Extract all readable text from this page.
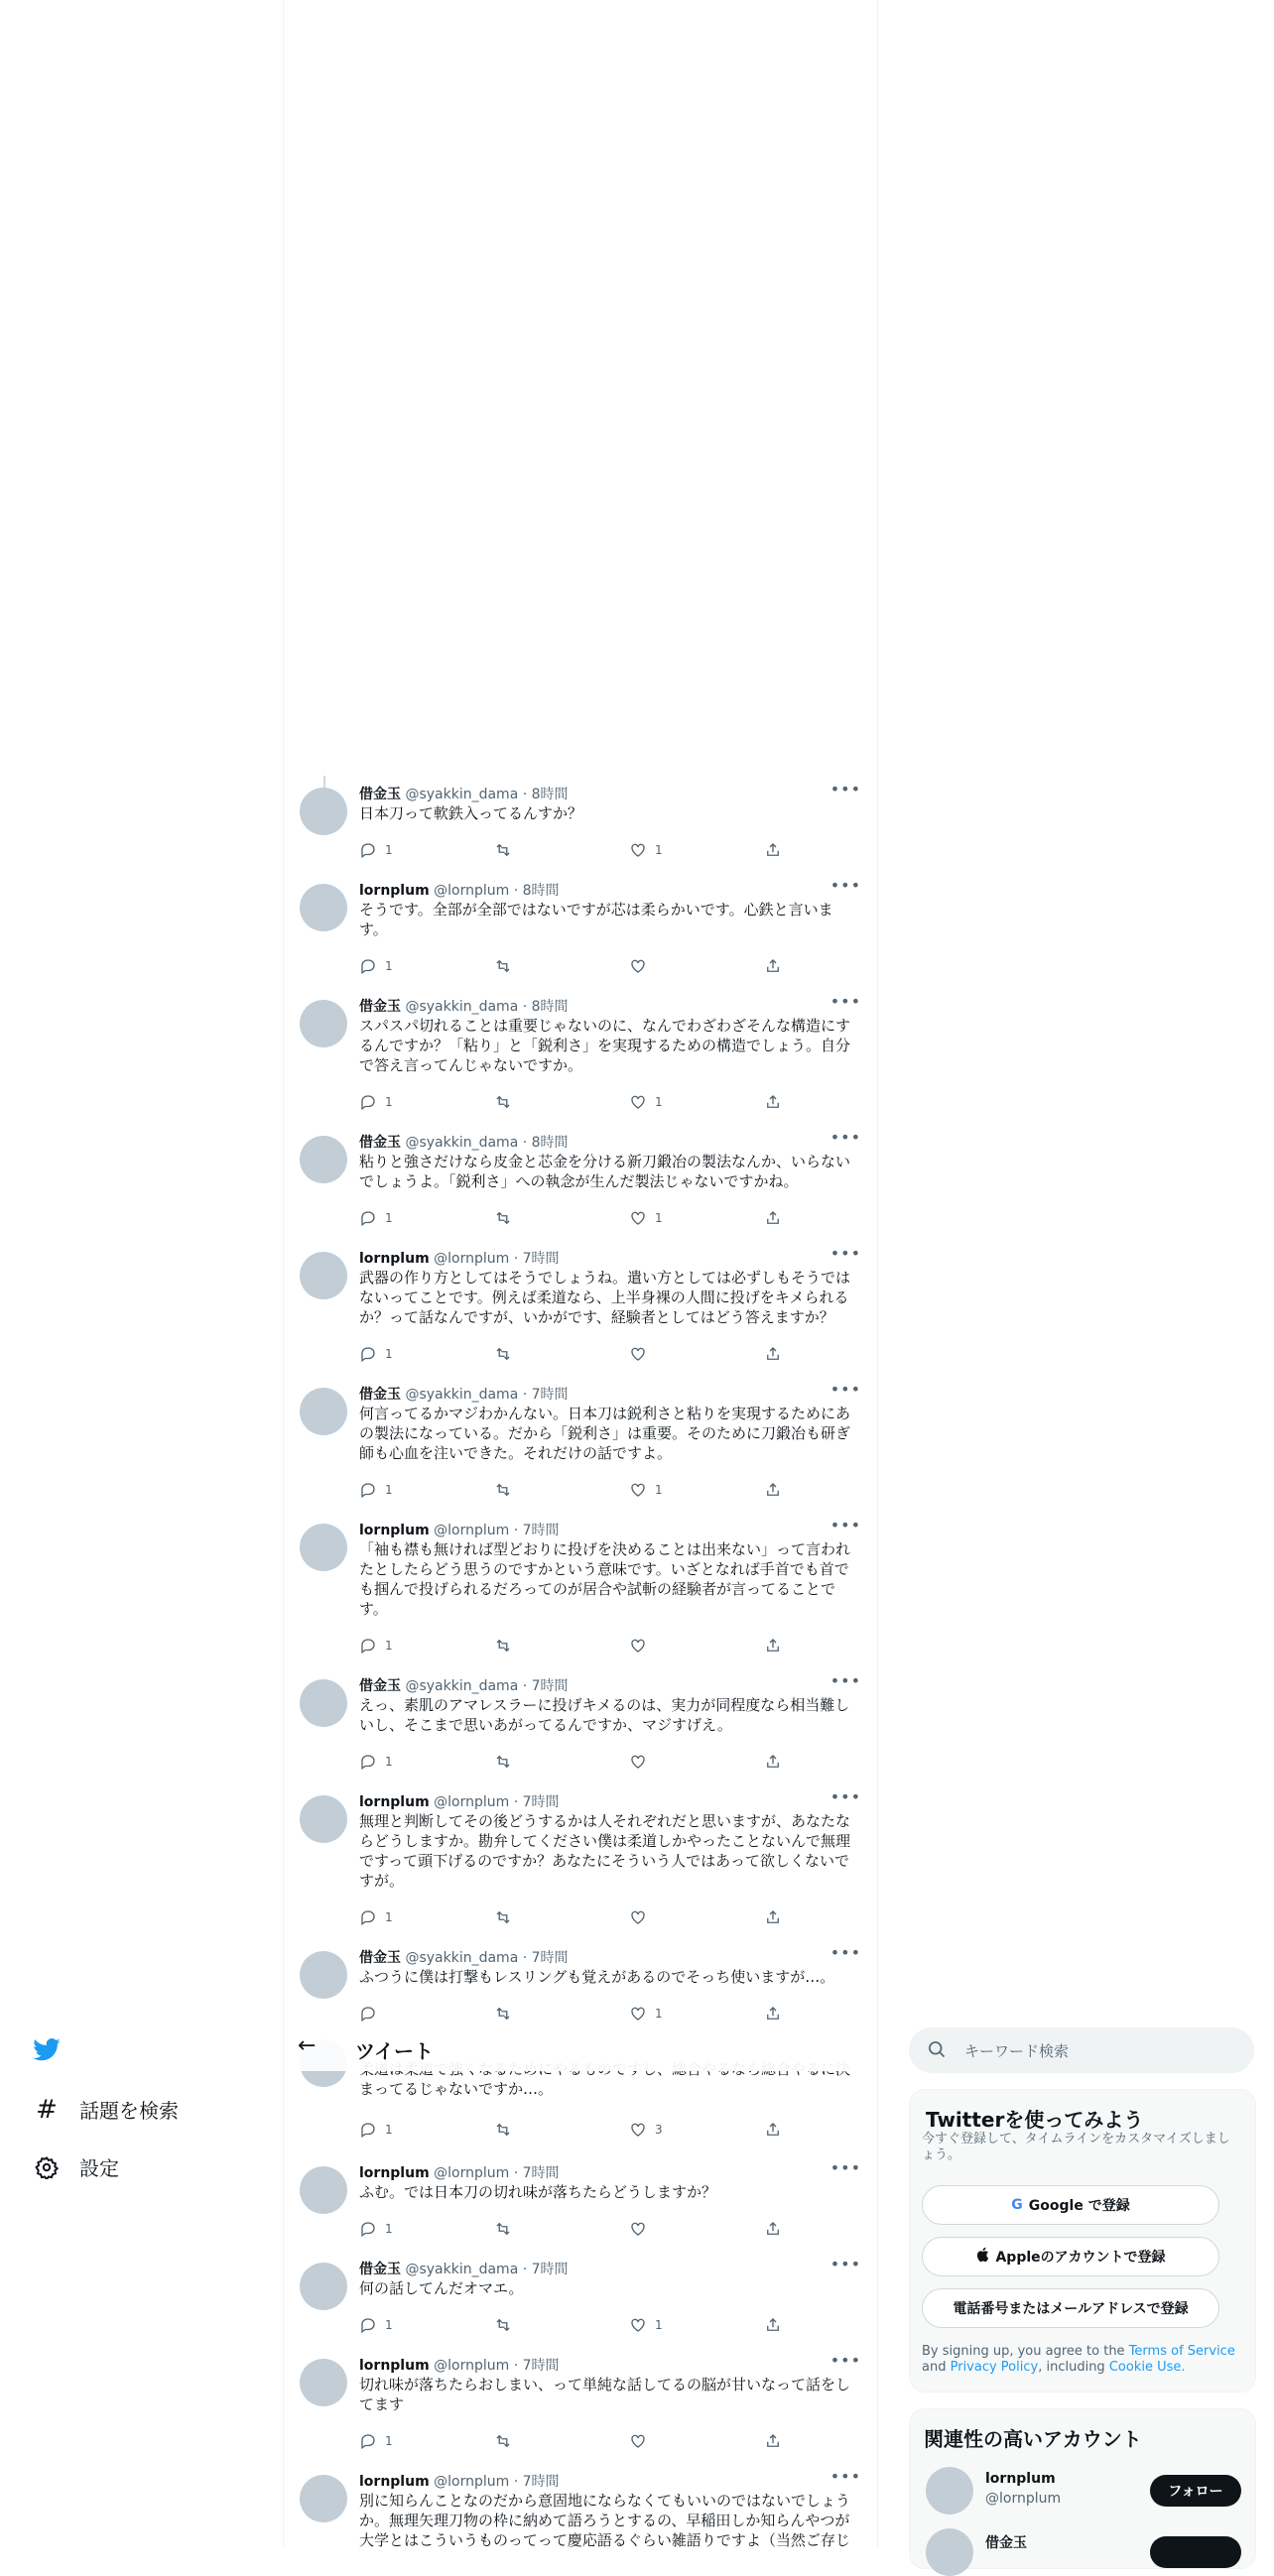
借金玉 @syakkin_dama · 8時間	•••
日本刀って軟鉄入ってるんすか？
1	1
lornplum @lornplum · 8時間	•••
そうです。全部が全部ではないですが芯は柔らかいです。心鉄と言います。
1
借金玉 @syakkin_dama · 8時間	•••
スパスパ切れることは重要じゃないのに、なんでわざわざそんな構造にするんですか？「粘り」と「鋭利さ」を実現するための構造でしょう。自分で答え言ってんじゃないですか。
1	1
借金玉 @syakkin_dama · 8時間	•••
粘りと強さだけなら皮金と芯金を分ける新刀鍛冶の製法なんか、いらないでしょうよ。「鋭利さ」への執念が生んだ製法じゃないですかね。
1	1
lornplum @lornplum · 7時間	•••
武器の作り方としてはそうでしょうね。遣い方としては必ずしもそうではないってことです。例えば柔道なら、上半身裸の人間に投げをキメられるか？って話なんですが、いかがです、経験者としてはどう答えますか？
1
借金玉 @syakkin_dama · 7時間	•••
何言ってるかマジわかんない。日本刀は鋭利さと粘りを実現するためにあの製法になっている。だから「鋭利さ」は重要。そのために刀鍛冶も研ぎ師も心血を注いできた。それだけの話ですよ。
1	1
lornplum @lornplum · 7時間	•••
「袖も襟も無ければ型どおりに投げを決めることは出来ない」って言われたとしたらどう思うのですかという意味です。いざとなれば手首でも首でも掴んで投げられるだろってのが居合や試斬の経験者が言ってることです。
1
借金玉 @syakkin_dama · 7時間	•••
えっ、素肌のアマレスラーに投げキメるのは、実力が同程度なら相当難しいし、そこまで思いあがってるんですか、マジすげえ。
1
lornplum @lornplum · 7時間	•••
無理と判断してその後どうするかは人それぞれだと思いますが、あなたならどうしますか。勘弁してください僕は柔道しかやったことないんで無理ですって頭下げるのですか？あなたにそういう人ではあって欲しくないですが。
1
借金玉 @syakkin_dama · 7時間	•••
ふつうに僕は打撃もレスリングも覚えがあるのでそっち使いますが…。
1
まってるじゃないですか…。
1	3
lornplum @lornplum · 7時間	•••
ふむ。では日本刀の切れ味が落ちたらどうしますか？
1
借金玉 @syakkin_dama · 7時間	•••
何の話してんだオマエ。
1	1
lornplum @lornplum · 7時間	•••
切れ味が落ちたらおしまい、って単純な話してるの脳が甘いなって話をしてます
1
lornplum @lornplum · 7時間	•••
別に知らんことなのだから意固地にならなくてもいいのではないでしょうか。無理矢理刀物の枠に納めて語ろうとするの、早稲田しか知らんやつが大学とはこういうものってって慶応語るぐらい雑語りですよ（当然ご存じ
← ツイート
# 話題を検索
設定
キーワード検索
Twitterを使ってみよう
今すぐ登録して、タイムラインをカスタマイズしましょう。
G Google で登録
Appleのアカウントで登録
電話番号またはメールアドレスで登録
By signing up, you agree to the Terms of Service and Privacy Policy, including Cookie Use.
関連性の高いアカウント
lornplum
@lornplum	フォロー
借金玉
